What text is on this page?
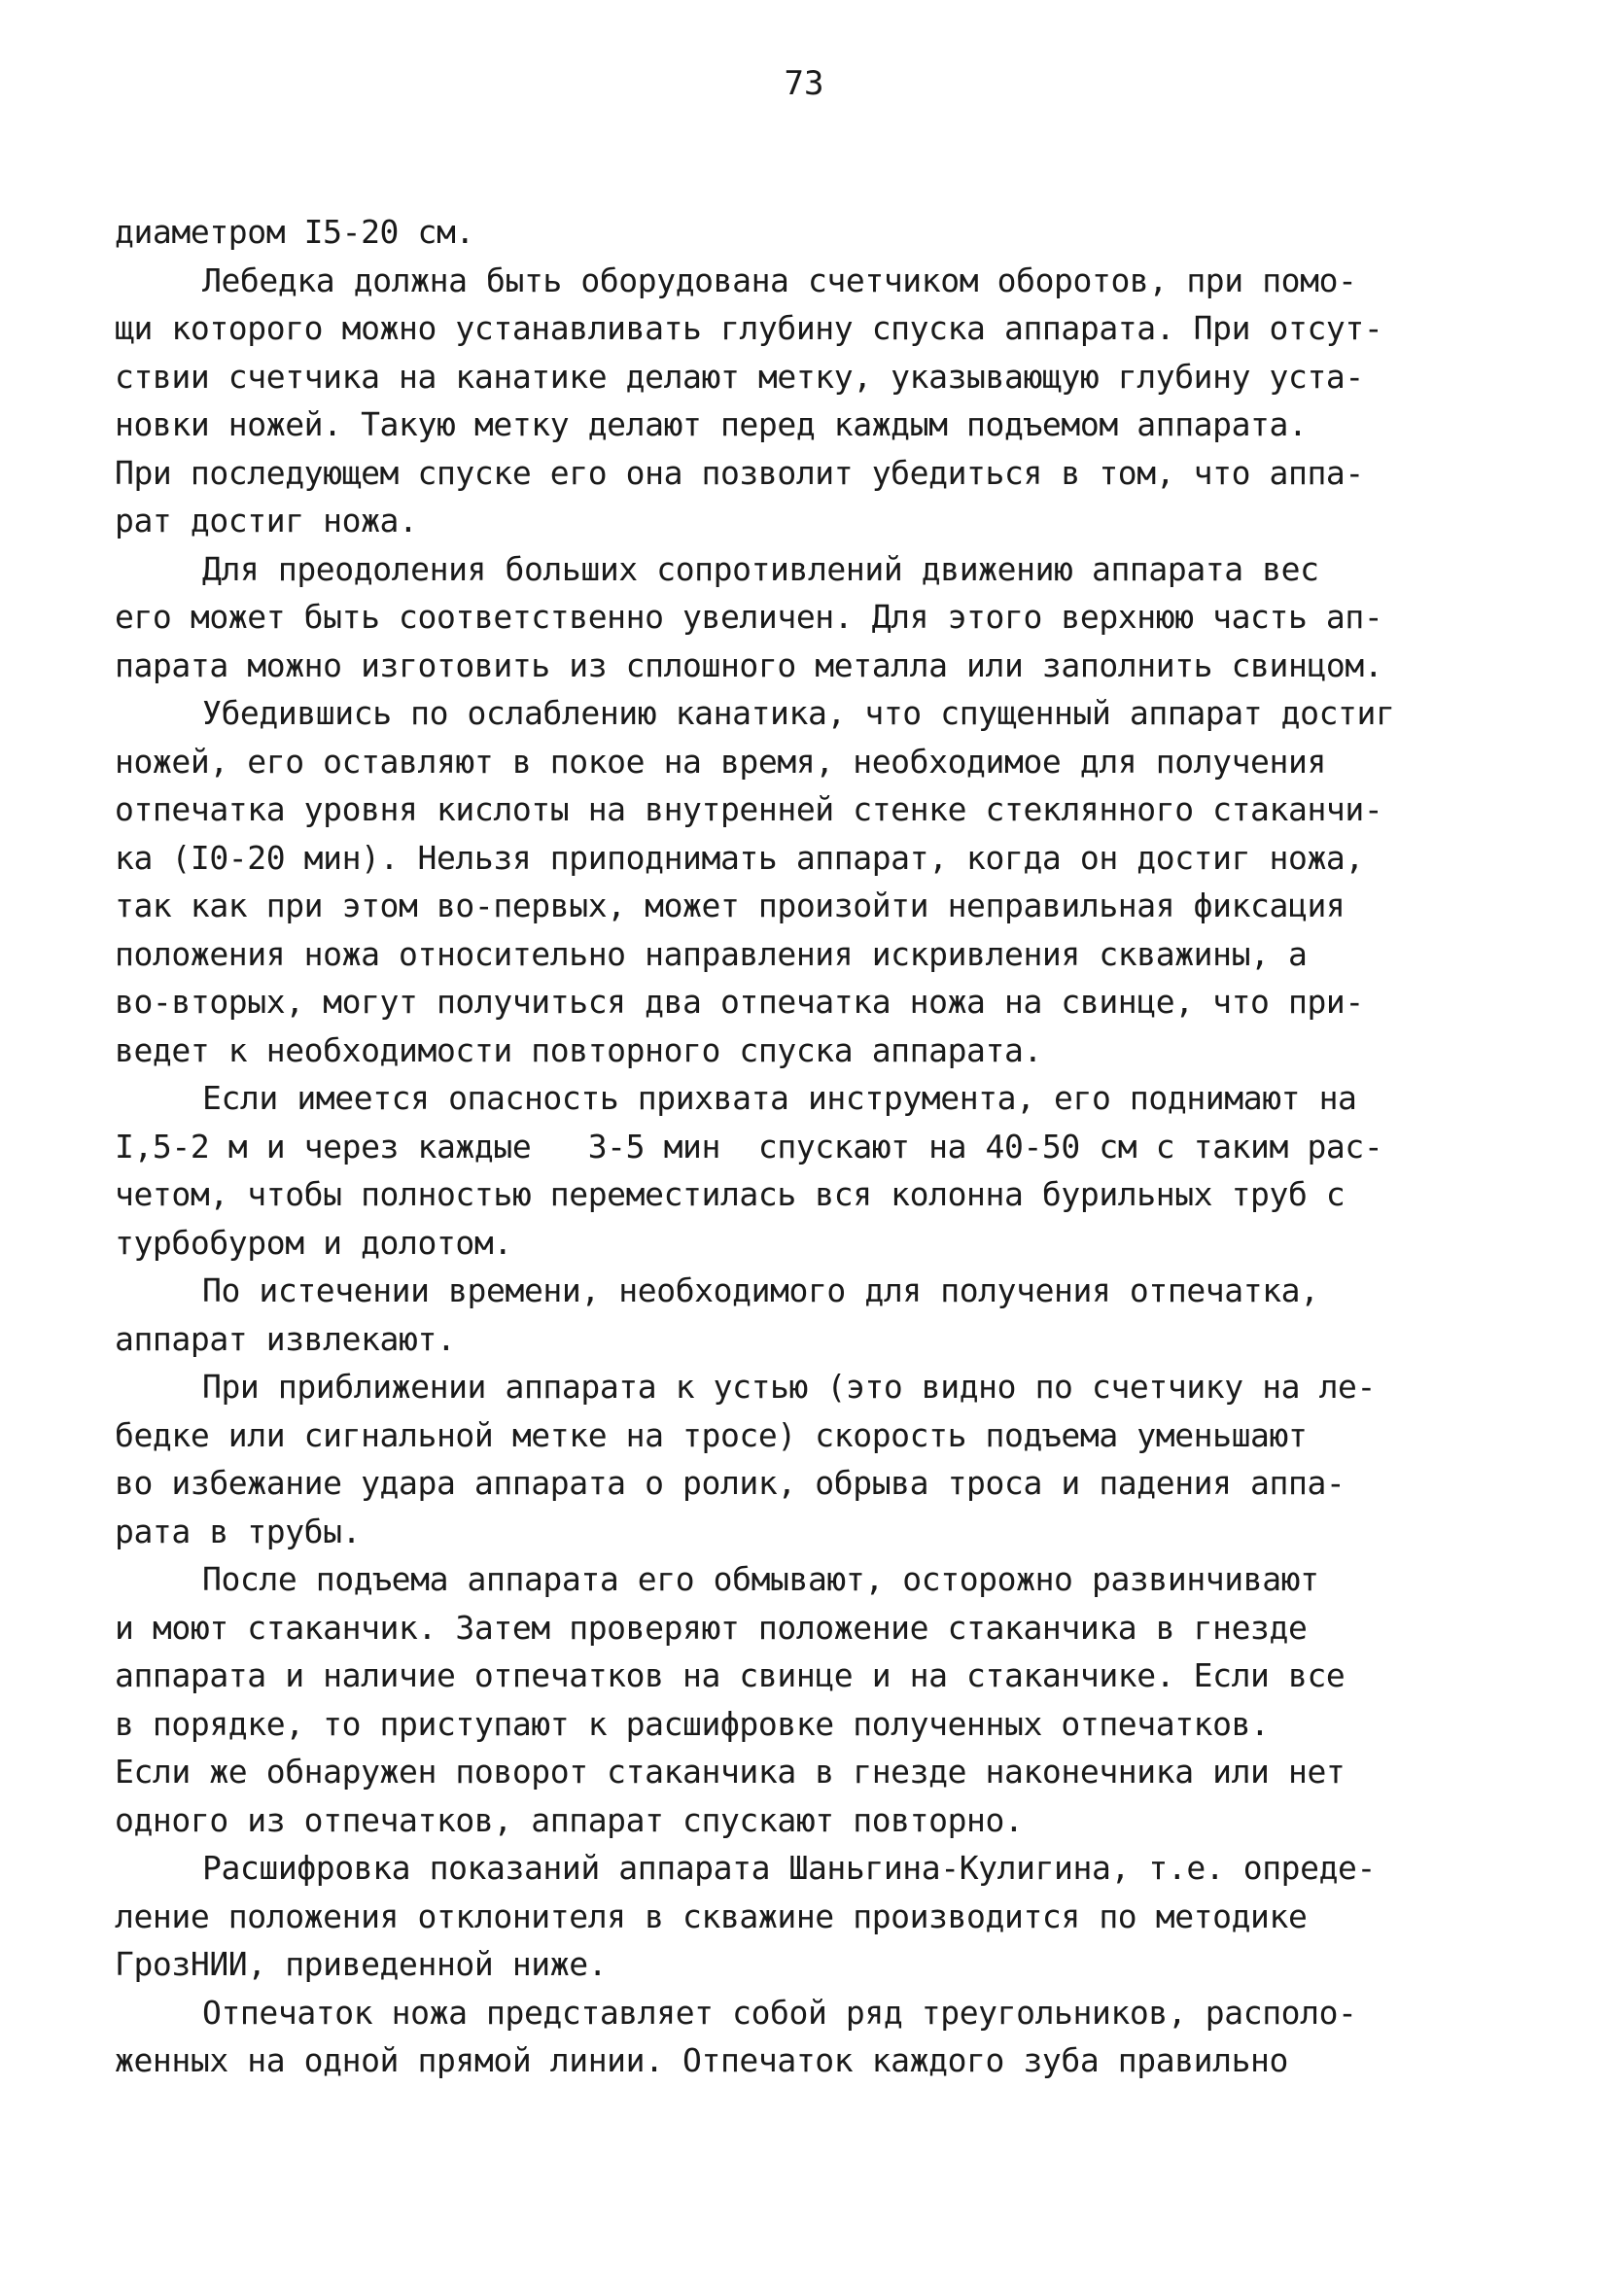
73
диаметром I5-20 см.
Лебедка должна быть оборудована счетчиком оборотов, при помо-
щи которого можно устанавливать глубину спуска аппарата. При отсут-
ствии счетчика на канатике делают метку, указывающую глубину уста-
новки ножей. Такую метку делают перед каждым подъемом аппарата.
При последующем спуске его она позволит убедиться в том, что аппа-
рат достиг ножа.
Для преодоления больших сопротивлений движению аппарата вес
его может быть соответственно увеличен. Для этого верхнюю часть ап-
парата можно изготовить из сплошного металла или заполнить свинцом.
Убедившись по ослаблению канатика, что спущенный аппарат достиг
ножей, его оставляют в покое на время, необходимое для получения
отпечатка уровня кислоты на внутренней стенке стеклянного стаканчи-
ка (I0-20 мин). Нельзя приподнимать аппарат, когда он достиг ножа,
так как при этом во-первых, может произойти неправильная фиксация
положения ножа относительно направления искривления скважины, а
во-вторых, могут получиться два отпечатка ножа на свинце, что при-
ведет к необходимости повторного спуска аппарата.
Если имеется опасность прихвата инструмента, его поднимают на
I,5-2 м и через каждые   3-5 мин  спускают на 40-50 см с таким рас-
четом, чтобы полностью переместилась вся колонна бурильных труб с
турбобуром и долотом.
По истечении времени, необходимого для получения отпечатка,
аппарат извлекают.
При приближении аппарата к устью (это видно по счетчику на ле-
бедке или сигнальной метке на тросе) скорость подъема уменьшают
во избежание удара аппарата о ролик, обрыва троса и падения аппа-
рата в трубы.
После подъема аппарата его обмывают, осторожно развинчивают
и моют стаканчик. Затем проверяют положение стаканчика в гнезде
аппарата и наличие отпечатков на свинце и на стаканчике. Если все
в порядке, то приступают к расшифровке полученных отпечатков.
Если же обнаружен поворот стаканчика в гнезде наконечника или нет
одного из отпечатков, аппарат спускают повторно.
Расшифровка показаний аппарата Шаньгина-Кулигина, т.е. опреде-
ление положения отклонителя в скважине производится по методике
ГрозНИИ, приведенной ниже.
Отпечаток ножа представляет собой ряд треугольников, располо-
женных на одной прямой линии. Отпечаток каждого зуба правильно
